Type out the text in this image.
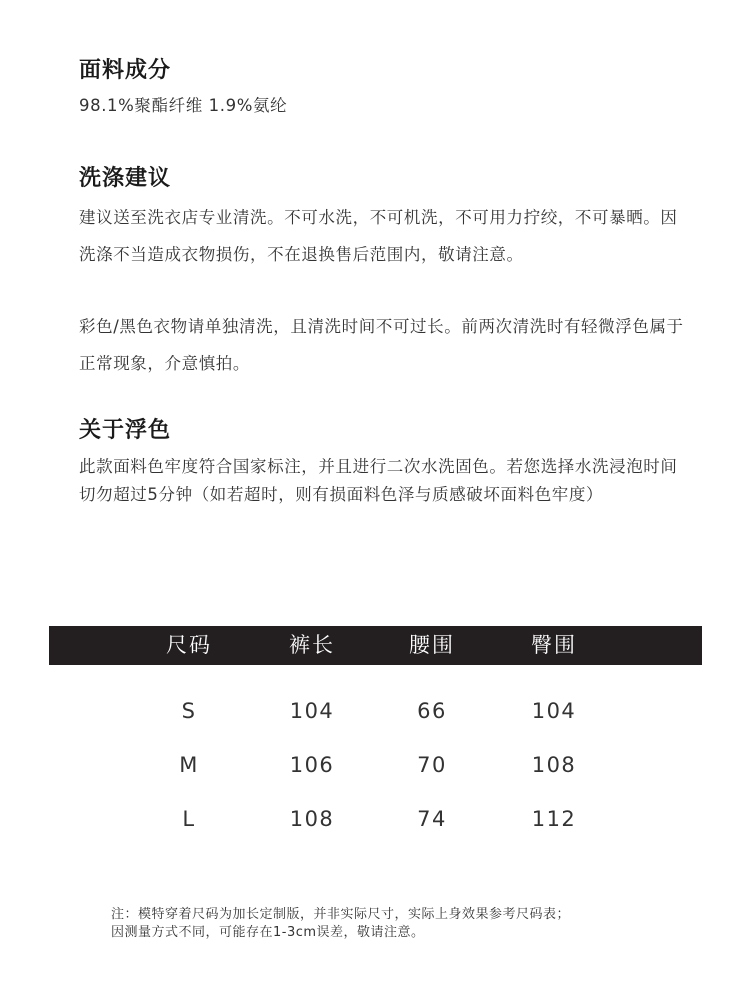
面料成分

98.1%聚酯纤维 1.9%氨纶

洗涤建议

建议送至洗衣店专业清洗。不可水洗，不可机洗，不可用力拧绞，不可暴晒。因洗涤不当造成衣物损伤，不在退换售后范围内，敬请注意。

彩色/黑色衣物请单独清洗，且清洗时间不可过长。前两次清洗时有轻微浮色属于正常现象，介意慎拍。

关于浮色

此款面料色牢度符合国家标注，并且进行二次水洗固色。若您选择水洗浸泡时间切勿超过5分钟（如若超时，则有损面料色泽与质感破坏面料色牢度）

尺码	裤长	腰围	臀围
S	104	66	104
M	106	70	108
L	108	74	112

注：模特穿着尺码为加长定制版，并非实际尺寸，实际上身效果参考尺码表；

因测量方式不同，可能存在1-3cm误差，敬请注意。
